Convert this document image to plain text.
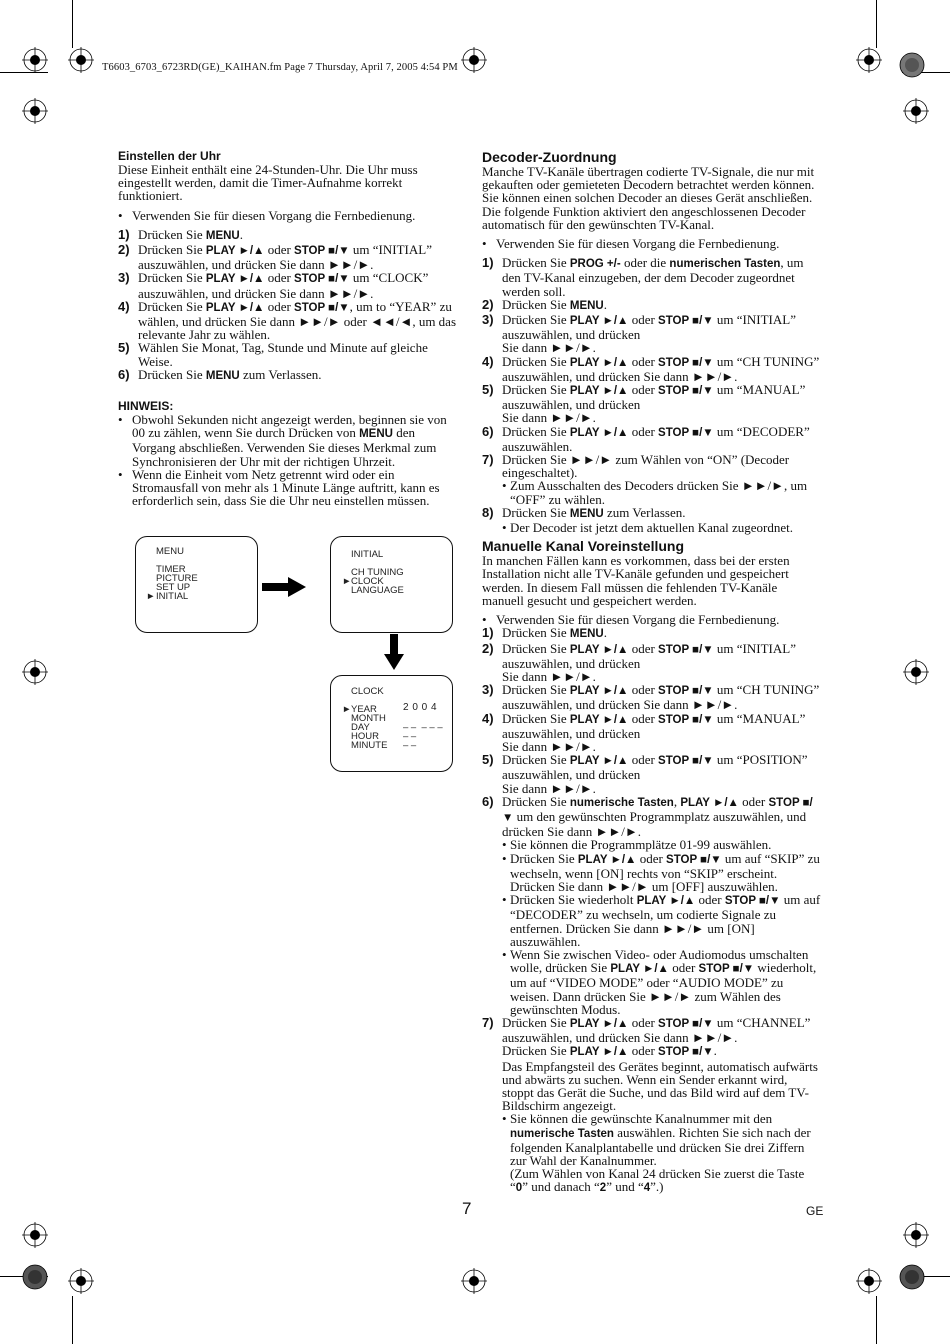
T6603_6703_6723RD(GE)_KAIHAN.fm Page 7 Thursday, April 7, 2005 4:54 PM

Einstellen der Uhr

Diese Einheit enthält eine 24-Stunden-Uhr. Die Uhr muss eingestellt werden, damit die Timer-Aufnahme korrekt funktioniert.

• Verwenden Sie für diesen Vorgang die Fernbedienung.
1) Drücken Sie MENU.
2) Drücken Sie PLAY ►/▲ oder STOP ■/▼ um “INITIAL” auszuwählen, und drücken Sie dann ►►/►.
3) Drücken Sie PLAY ►/▲ oder STOP ■/▼ um “CLOCK” auszuwählen, und drücken Sie dann ►►/►.
4) Drücken Sie PLAY ►/▲ oder STOP ■/▼, um to “YEAR” zu wählen, und drücken Sie dann ►►/► oder ◄◄/◄, um das relevante Jahr zu wählen.
5) Wählen Sie Monat, Tag, Stunde und Minute auf gleiche Weise.
6) Drücken Sie MENU zum Verlassen.

HINWEIS:

• Obwohl Sekunden nicht angezeigt werden, beginnen sie von 00 zu zählen, wenn Sie durch Drücken von MENU den Vorgang abschließen. Verwenden Sie dieses Merkmal zum Synchronisieren der Uhr mit der richtigen Uhrzeit.
• Wenn die Einheit vom Netz getrennt wird oder ein Stromausfall von mehr als 1 Minute Länge auftritt, kann es erforderlich sein, dass Sie die Uhr neu einstellen müssen.
MENU
TIMER
PICTURE
SET UP
► INITIAL
INITIAL
CH TUNING
► CLOCK
LANGUAGE
CLOCK
► YEAR	2 0 0 4
MONTH
DAY	– –  – – –
HOUR	– –
MINUTE – –

Decoder-Zuordnung

Manche TV-Kanäle übertragen codierte TV-Signale, die nur mit gekauften oder gemieteten Decodern betrachtet werden können. Sie können einen solchen Decoder an dieses Gerät anschließen. Die folgende Funktion aktiviert den angeschlossenen Decoder automatisch für den gewünschten TV-Kanal.

• Verwenden Sie für diesen Vorgang die Fernbedienung.
1) Drücken Sie PROG +/- oder die numerischen Tasten, um den TV-Kanal einzugeben, der dem Decoder zugeordnet werden soll.
2) Drücken Sie MENU.
3) Drücken Sie PLAY ►/▲ oder STOP ■/▼ um “INITIAL” auszuwählen, und drücken
Sie dann ►►/►.
4) Drücken Sie PLAY ►/▲ oder STOP ■/▼ um “CH TUNING” auszuwählen, und drücken Sie dann ►►/►.
5) Drücken Sie PLAY ►/▲ oder STOP ■/▼ um “MANUAL” auszuwählen, und drücken
Sie dann ►►/►.
6) Drücken Sie PLAY ►/▲ oder STOP ■/▼ um “DECODER” auszuwählen.
7) Drücken Sie ►►/► zum Wählen von “ON” (Decoder eingeschaltet).
• Zum Ausschalten des Decoders drücken Sie ►►/►, um “OFF” zu wählen.
8) Drücken Sie MENU zum Verlassen.
• Der Decoder ist jetzt dem aktuellen Kanal zugeordnet.

Manuelle Kanal Voreinstellung

In manchen Fällen kann es vorkommen, dass bei der ersten Installation nicht alle TV-Kanäle gefunden und gespeichert werden. In diesem Fall müssen die fehlenden TV-Kanäle manuell gesucht und gespeichert werden.

• Verwenden Sie für diesen Vorgang die Fernbedienung.
1) Drücken Sie MENU.
2) Drücken Sie PLAY ►/▲ oder STOP ■/▼ um “INITIAL” auszuwählen, und drücken
Sie dann ►►/►.
3) Drücken Sie PLAY ►/▲ oder STOP ■/▼ um “CH TUNING” auszuwählen, und drücken Sie dann ►►/►.
4) Drücken Sie PLAY ►/▲ oder STOP ■/▼ um “MANUAL” auszuwählen, und drücken
Sie dann ►►/►.
5) Drücken Sie PLAY ►/▲ oder STOP ■/▼ um “POSITION” auszuwählen, und drücken
Sie dann ►►/►.
6) Drücken Sie numerische Tasten, PLAY ►/▲ oder STOP ■/▼ um den gewünschten Programmplatz auszuwählen, und drücken Sie dann ►►/►.
• Sie können die Programmplätze 01-99 auswählen.
• Drücken Sie PLAY ►/▲ oder STOP ■/▼ um auf “SKIP” zu wechseln, wenn [ON] rechts von “SKIP” erscheint. Drücken Sie dann ►►/► um [OFF] auszuwählen.
• Drücken Sie wiederholt PLAY ►/▲ oder STOP ■/▼ um auf “DECODER” zu wechseln, um codierte Signale zu entfernen. Drücken Sie dann ►►/► um [ON] auszuwählen.
• Wenn Sie zwischen Video- oder Audiomodus umschalten wolle, drücken Sie PLAY ►/▲ oder STOP ■/▼ wiederholt, um auf “VIDEO MODE” oder “AUDIO MODE” zu weisen. Dann drücken Sie ►►/► zum Wählen des gewünschten Modus.
7) Drücken Sie PLAY ►/▲ oder STOP ■/▼ um “CHANNEL” auszuwählen, und drücken Sie dann ►►/►.
Drücken Sie PLAY ►/▲ oder STOP ■/▼.
Das Empfangsteil des Gerätes beginnt, automatisch aufwärts und abwärts zu suchen. Wenn ein Sender erkannt wird, stoppt das Gerät die Suche, und das Bild wird auf dem TV-Bildschirm angezeigt.
• Sie können die gewünschte Kanalnummer mit den numerische Tasten auswählen. Richten Sie sich nach der folgenden Kanalplantabelle und drücken Sie drei Ziffern zur Wahl der Kanalnummer.
(Zum Wählen von Kanal 24 drücken Sie zuerst die Taste “0” und danach “2” und “4”.)
7	GE
